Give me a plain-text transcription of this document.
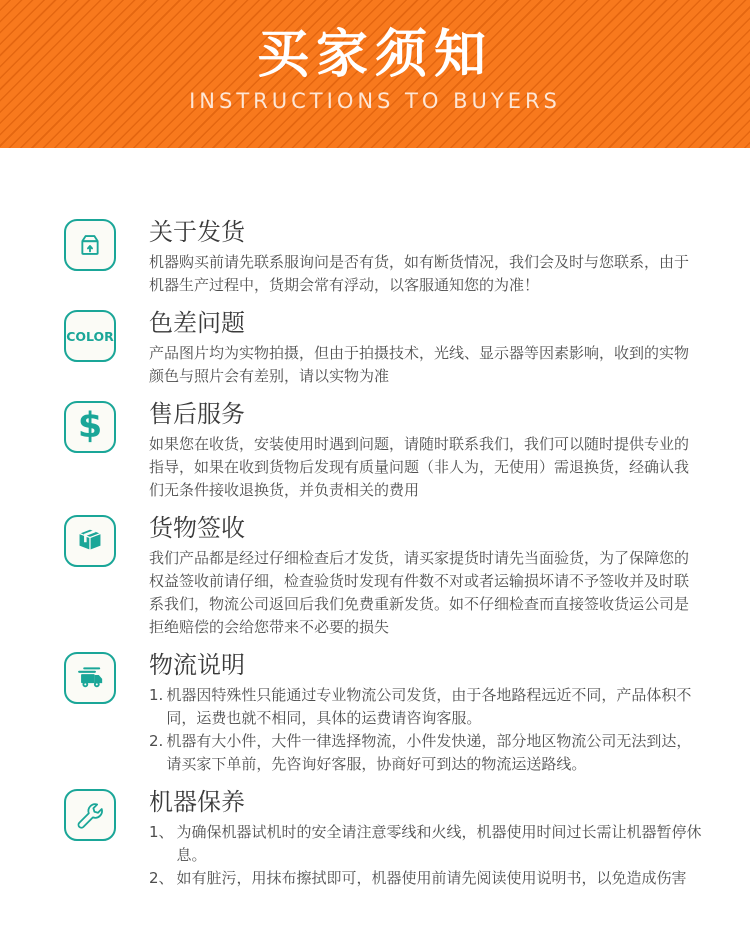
买家须知

INSTRUCTIONS TO BUYERS

关于发货

机器购买前请先联系服询问是否有货，如有断货情况，我们会及时与您联系，由于机器生产过程中，货期会常有浮动，以客服通知您的为准！

COLOR 色差问题

产品图片均为实物拍摄，但由于拍摄技术，光线、显示器等因素影响，收到的实物颜色与照片会有差别，请以实物为准

$ 售后服务

如果您在收货，安装使用时遇到问题，请随时联系我们，我们可以随时提供专业的指导，如果在收到货物后发现有质量问题（非人为，无使用）需退换货，经确认我们无条件接收退换货，并负责相关的费用

货物签收

我们产品都是经过仔细检查后才发货，请买家提货时请先当面验货，为了保障您的权益签收前请仔细，检查验货时发现有件数不对或者运输损坏请不予签收并及时联系我们，物流公司返回后我们免费重新发货。如不仔细检查而直接签收货运公司是拒绝赔偿的会给您带来不必要的损失

物流说明
1. 机器因特殊性只能通过专业物流公司发货，由于各地路程远近不同，产品体积不同，运费也就不相同，具体的运费请咨询客服。
2. 机器有大小件，大件一律选择物流，小件发快递，部分地区物流公司无法到达，请买家下单前，先咨询好客服，协商好可到达的物流运送路线。
机器保养
1、 为确保机器试机时的安全请注意零线和火线，机器使用时间过长需让机器暂停休息。
2、 如有脏污，用抹布擦拭即可，机器使用前请先阅读使用说明书，以免造成伤害
